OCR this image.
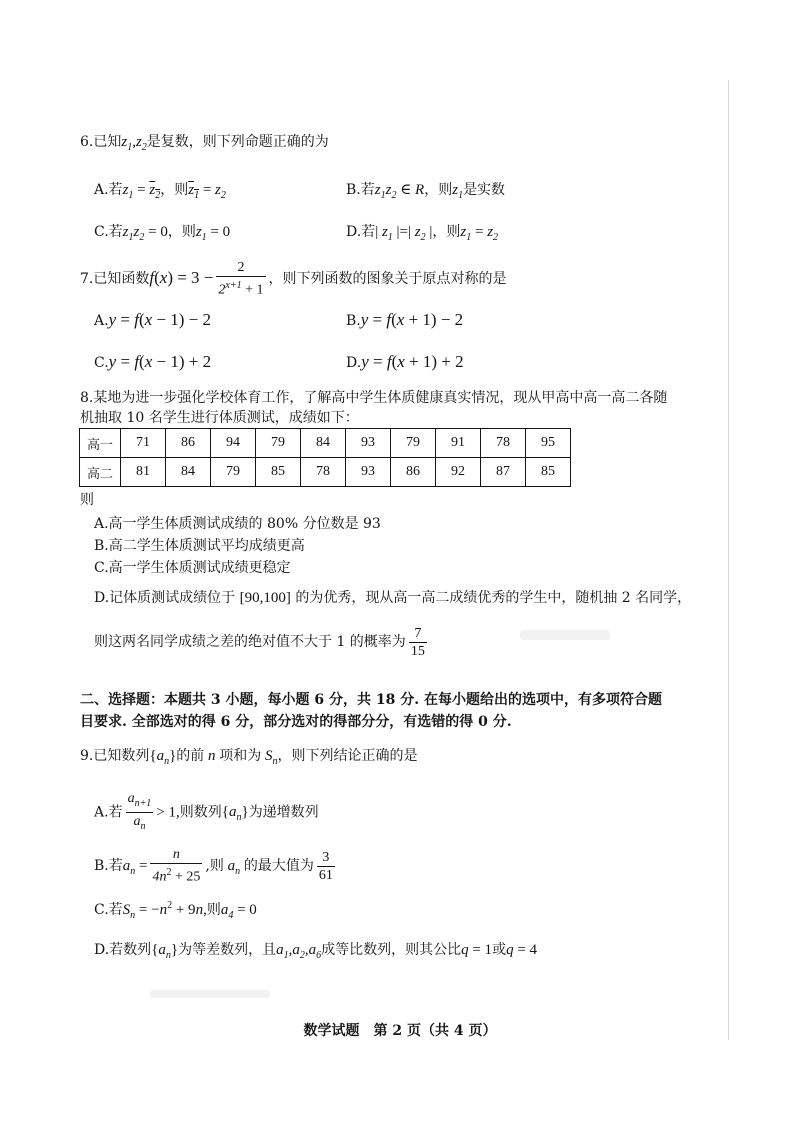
6.已知$z_1,z_2$是复数，则下列命题正确的为
A.若$z_1 = z_2$，则$z_1 = z_2$	B.若$z_1z_2$ ∈ R，则$z_1$是实数
C.若$z_1z_2 = 0$，则$z_1 = 0$	D.若| $z_1$ |=| $z_2$ |，则$z_1 = z_2$
7.已知函数$f(x) = 3 - \frac{2}{2^{x+1} + 1}$ ，则下列函数的图象关于原点对称的是
A.y = f(x − 1) − 2	B.y = f(x + 1) − 2
C.y = f(x − 1) + 2	D.y = f(x + 1) + 2
8.某地为进一步强化学校体育工作，了解高中学生体质健康真实情况，现从甲高中高一高二各随
机抽取 10 名学生进行体质测试，成绩如下：
高一	71	86	94	79	84	93	79	91	78	95
高二	81	84	79	85	78	93	86	92	87	85
则
A.高一学生体质测试成绩的 80% 分位数是 93
B.高二学生体质测试平均成绩更高
C.高一学生体质测试成绩更稳定
D.记体质测试成绩位于 [90,100] 的为优秀，现从高一高二成绩优秀的学生中，随机抽 2 名同学，
则这两名同学成绩之差的绝对值不大于 1 的概率为 $\frac{7}{15}$
二、选择题：本题共 3 小题，每小题 6 分，共 18 分. 在每小题给出的选项中，有多项符合题
目要求. 全部选对的得 6 分，部分选对的得部分分，有选错的得 0 分.
9.已知数列$\{a_n\}$的前 n 项和为 $S_n$，则下列结论正确的是
A.若 $\frac{a_{n+1}}{a_n} > 1$,则数列$\{a_n\}$为递增数列
B.若$a_n = \frac{n}{4n^2 + 25}$ ,则 $a_n$ 的最大值为 $\frac{3}{61}$
C.若$S_n = -n^2 + 9n$,则$a_4 = 0$
D.若数列$\{a_n\}$为等差数列，且$a_1,a_2,a_6$成等比数列，则其公比q = 1或q = 4
数学试题　第 2 页（共 4 页）
